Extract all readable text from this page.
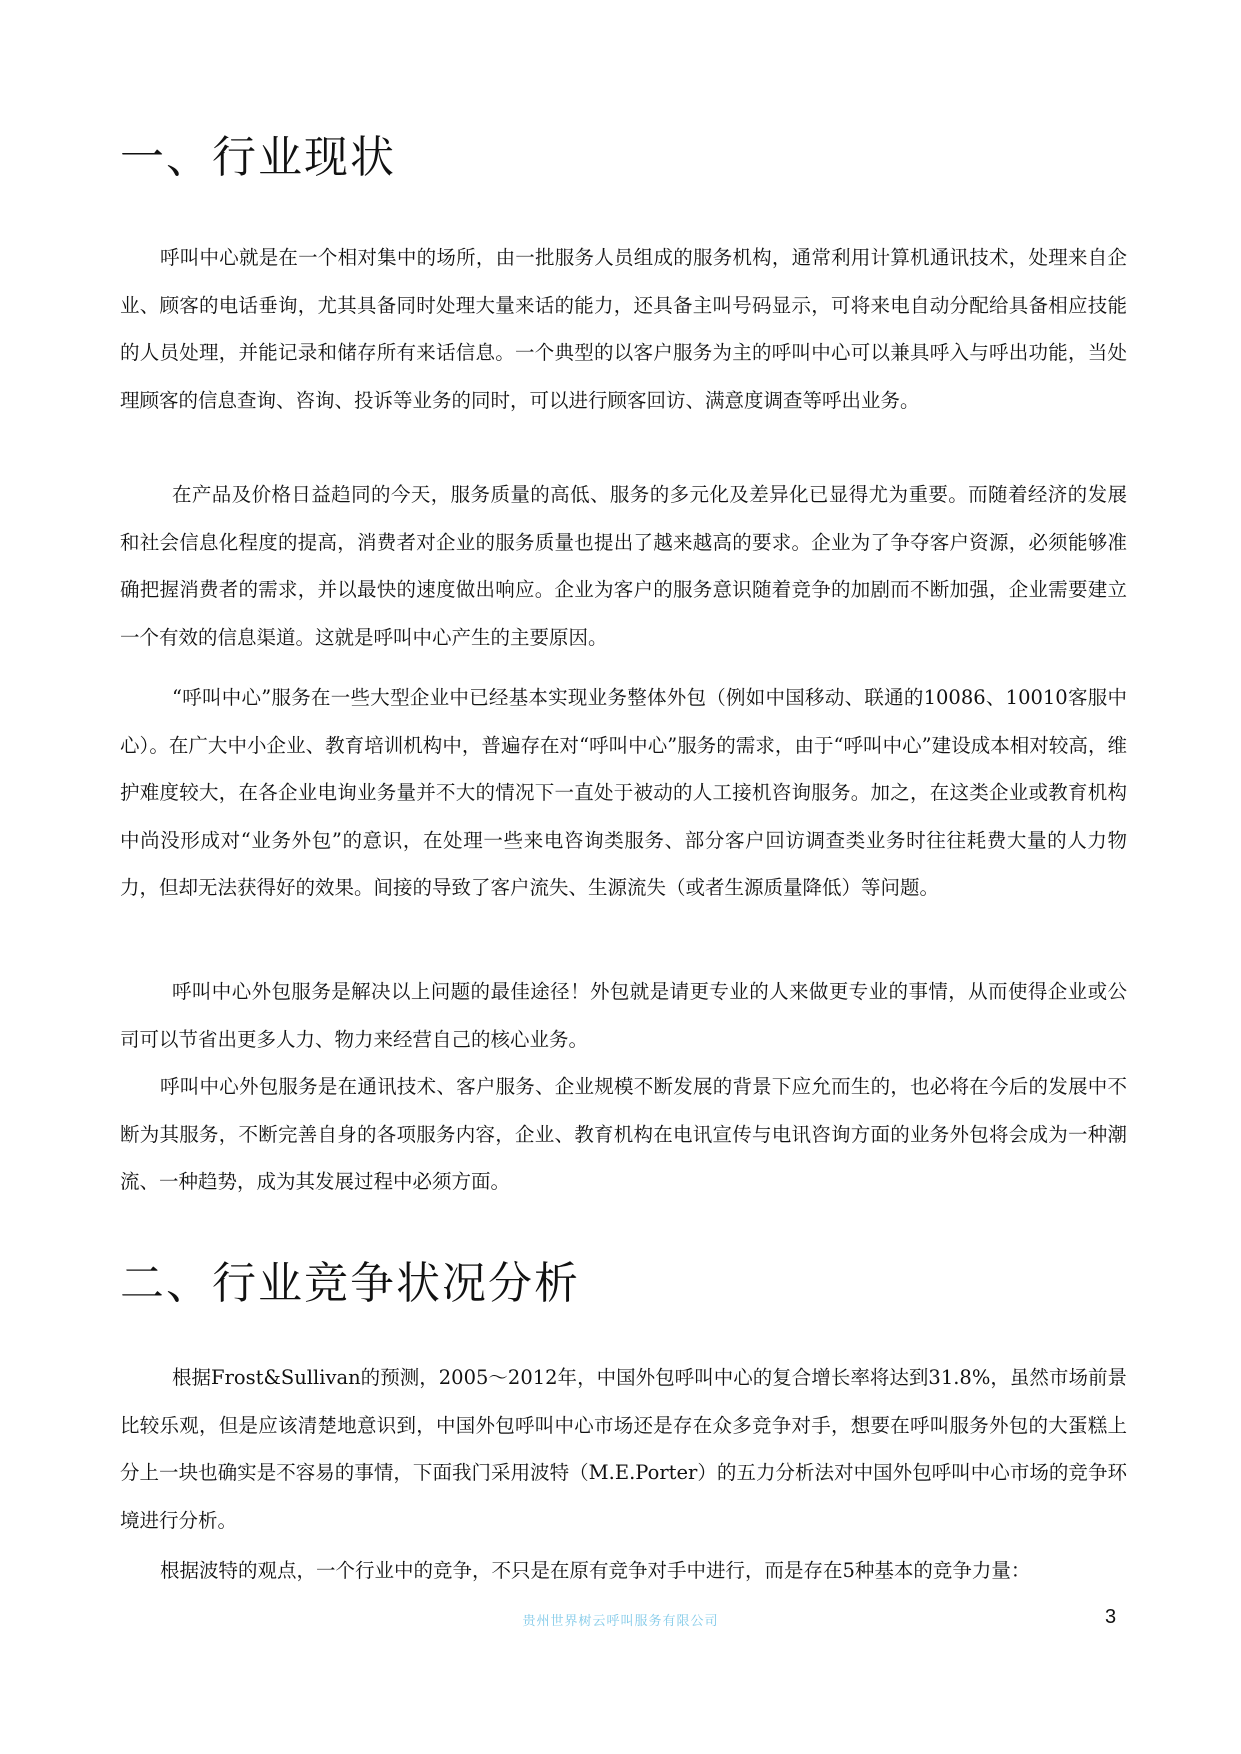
一、行业现状

呼叫中心就是在一个相对集中的场所，由一批服务人员组成的服务机构，通常利用计算机通讯技术，处理来自企业、顾客的电话垂询，尤其具备同时处理大量来话的能力，还具备主叫号码显示，可将来电自动分配给具备相应技能的人员处理，并能记录和储存所有来话信息。一个典型的以客户服务为主的呼叫中心可以兼具呼入与呼出功能，当处理顾客的信息查询、咨询、投诉等业务的同时，可以进行顾客回访、满意度调查等呼出业务。

在产品及价格日益趋同的今天，服务质量的高低、服务的多元化及差异化已显得尤为重要。而随着经济的发展和社会信息化程度的提高，消费者对企业的服务质量也提出了越来越高的要求。企业为了争夺客户资源，必须能够准确把握消费者的需求，并以最快的速度做出响应。企业为客户的服务意识随着竞争的加剧而不断加强，企业需要建立一个有效的信息渠道。这就是呼叫中心产生的主要原因。

“呼叫中心”服务在一些大型企业中已经基本实现业务整体外包（例如中国移动、联通的10086、10010客服中心）。在广大中小企业、教育培训机构中，普遍存在对“呼叫中心”服务的需求，由于“呼叫中心”建设成本相对较高，维护难度较大，在各企业电询业务量并不大的情况下一直处于被动的人工接机咨询服务。加之，在这类企业或教育机构中尚没形成对“业务外包”的意识，在处理一些来电咨询类服务、部分客户回访调查类业务时往往耗费大量的人力物力，但却无法获得好的效果。间接的导致了客户流失、生源流失（或者生源质量降低）等问题。

呼叫中心外包服务是解决以上问题的最佳途径！外包就是请更专业的人来做更专业的事情，从而使得企业或公司可以节省出更多人力、物力来经营自己的核心业务。

呼叫中心外包服务是在通讯技术、客户服务、企业规模不断发展的背景下应允而生的，也必将在今后的发展中不断为其服务，不断完善自身的各项服务内容，企业、教育机构在电讯宣传与电讯咨询方面的业务外包将会成为一种潮流、一种趋势，成为其发展过程中必须方面。

二、行业竞争状况分析

根据Frost&Sullivan的预测，2005～2012年，中国外包呼叫中心的复合增长率将达到31.8%，虽然市场前景比较乐观，但是应该清楚地意识到，中国外包呼叫中心市场还是存在众多竞争对手，想要在呼叫服务外包的大蛋糕上分上一块也确实是不容易的事情，下面我门采用波特（M.E.Porter）的五力分析法对中国外包呼叫中心市场的竞争环境进行分析。

根据波特的观点，一个行业中的竞争，不只是在原有竞争对手中进行，而是存在5种基本的竞争力量：

贵州世界树云呼叫服务有限公司	3
